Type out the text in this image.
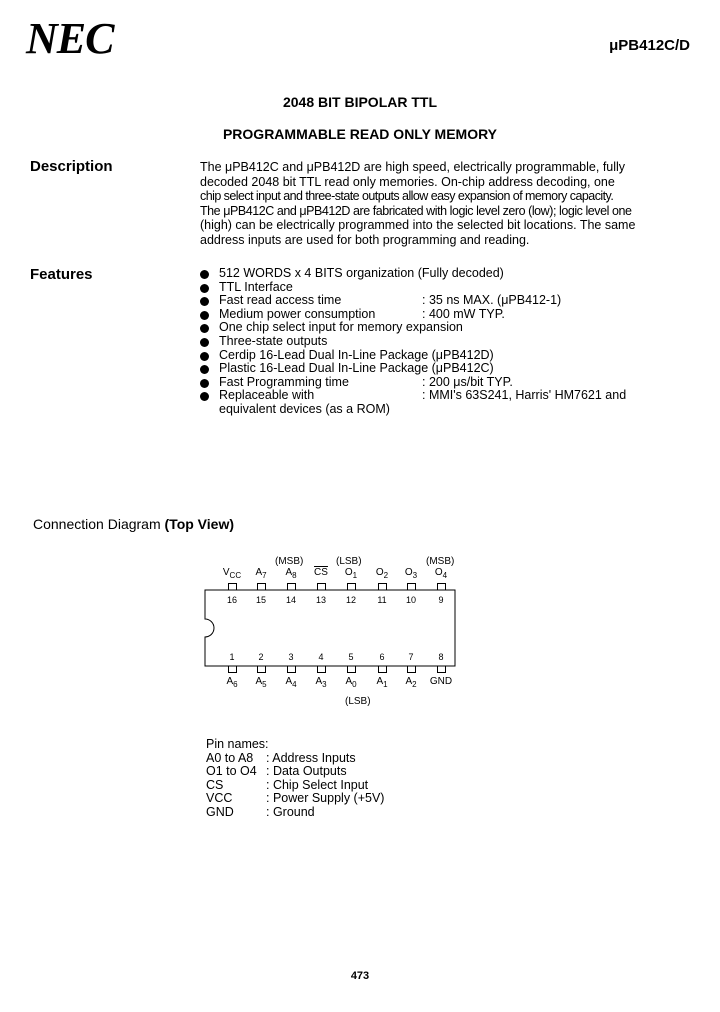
NEC	μPB412C/D
2048 BIT BIPOLAR TTL
PROGRAMMABLE READ ONLY MEMORY
Description	The μPB412C and μPB412D are high speed, electrically programmable, fully
decoded 2048 bit TTL read only memories. On-chip address decoding, one
chip select input and three-state outputs allow easy expansion of memory capacity.
The μPB412C and μPB412D are fabricated with logic level zero (low); logic level one
(high) can be electrically programmed into the selected bit locations. The same
address inputs are used for both programming and reading.
Features	512 WORDS x 4 BITS organization (Fully decoded)
TTL Interface
Fast read access time	: 35 ns MAX. (μPB412-1)
Medium power consumption	: 400 mW TYP.
One chip select input for memory expansion
Three-state outputs
Cerdip 16-Lead Dual In-Line Package (μPB412D)
Plastic 16-Lead Dual In-Line Package (μPB412C)
Fast Programming time	: 200 μs/bit TYP.
Replaceable with	: MMI's 63S241, Harris' HM7621 and
equivalent devices (as a ROM)
Connection Diagram (Top View)
(MSB)	(LSB)	(MSB)
(LSB)
$V_{CC}$
16
$A_7$
15
$A_8$
14
$\overline{CS}$
13
$O_1$
12
$O_2$
11
$O_3$
10
$O_4$
9
1
$A_6$
2
$A_5$
3
$A_4$
4
$A_3$
5
$A_0$
6
$A_1$
7
$A_2$
8
GND
Pin names:
A0 to A8 : Address Inputs
O1 to O4 : Data Outputs
CS	: Chip Select Input
VCC	: Power Supply (+5V)
GND	: Ground
473
